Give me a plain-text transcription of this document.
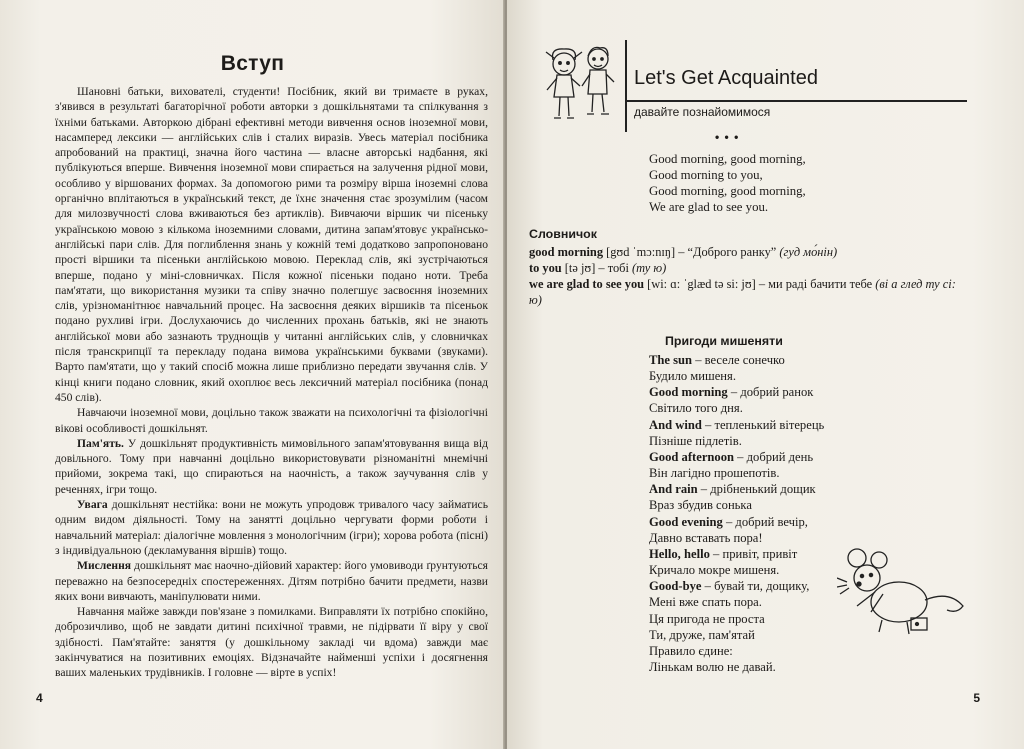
Вступ

Шановні батьки, вихователі, студенти! Посібник, який ви тримаєте в руках, з'явився в результаті багаторічної роботи авторки з дошкільнятами та спілкування з їхніми батьками. Авторкою дібрані ефективні методи вивчення основ іноземної мови, насамперед лексики — англійських слів і сталих виразів. Увесь матеріал посібника апробований на практиці, значна його частина — власне авторські надбання, які публікуються вперше. Вивчення іноземної мови спирається на залучення рідної мови, особливо у віршованих формах. За допомогою рими та розміру вірша іноземні слова органічно вплітаються в український текст, де їхнє значення стає зрозумілим (часом для милозвучності слова вживаються без артиклів). Вивчаючи віршик чи пісеньку українською мовою з кількома іноземними словами, дитина запам'ятовує українсько-англійські пари слів. Для поглиблення знань у кожній темі додатково запропоновано прості віршики та пісеньки англійською мовою. Переклад слів, які зустрічаються вперше, подано у міні-словничках. Після кожної пісеньки подано ноти. Треба пам'ятати, що використання музики та співу значно полегшує засвоєння іноземних слів, урізноманітнює навчальний процес. На засвоєння деяких віршиків та пісеньок подано рухливі ігри. Дослухаючись до численних прохань батьків, які не знають англійської мови або зазнають труднощів у читанні англійських слів, у словничках після транскрипції та перекладу подана вимова українськими буквами (звуками). Варто пам'ятати, що у такий спосіб можна лише приблизно передати звучання слів. У кінці книги подано словник, який охоплює весь лексичний матеріал посібника (понад 450 слів).

Навчаючи іноземної мови, доцільно також зважати на психологічні та фізіологічні вікові особливості дошкільнят.

Пам'ять. У дошкільнят продуктивність мимовільного запам'ятовування вища від довільного. Тому при навчанні доцільно використовувати різноманітні мнемічні прийоми, зокрема такі, що спираються на наочність, а також заучування слів у реченнях, ігри тощо.

Увага дошкільнят нестійка: вони не можуть упродовж тривалого часу займатись одним видом діяльності. Тому на занятті доцільно чергувати форми роботи і навчальний матеріал: діалогічне мовлення з монологічним (ігри); хорова робота (пісні) з індивідуальною (декламування віршів) тощо.

Мислення дошкільнят має наочно-дійовий характер: його умовиводи ґрунтуються переважно на безпосередніх спостереженнях. Дітям потрібно бачити предмети, назви яких вони вивчають, маніпулювати ними.

Навчання майже завжди пов'язане з помилками. Виправляти їх потрібно спокійно, доброзичливо, щоб не завдати дитині психічної травми, не підірвати її віру у свої здібності. Пам'ятайте: заняття (у дошкільному закладі чи вдома) завжди має закінчуватися на позитивних емоціях. Відзначайте найменші успіхи і досягнення ваших маленьких трудівників. І головне — вірте в успіх!

4
Let's Get Acquainted
давайте познайомимося
• • •
Good morning, good morning,
Good morning to you,
Good morning, good morning,
We are glad to see you.
Словничок
good morning [gʊd ˈmɔ:nɪŋ] – “Доброго ранку” (гуд мо́нін)
to you [tə jʊ] – тобі (ту ю)
we are glad to see you [wi: ɑ: ˈglæd tə si: jʊ] – ми раді бачити тебе (ві а глед ту сі: ю)
Пригоди мишеняти
The sun – веселе сонечко
Будило мишеня.
Good morning – добрий ранок
Світило того дня.
And wind – тепленький вітерець
Пізніше підлетів.
Good afternoon – добрий день
Він лагідно прошепотів.
And rain – дрібненький дощик
Враз збудив сонька
Good evening – добрий вечір,
Давно вставать пора!
Hello, hello – привіт, привіт
Кричало мокре мишеня.
Good-bye – бувай ти, дощику,
Мені вже спать пора.
Ця пригода не проста
Ти, друже, пам'ятай
Правило єдине:
Лінькам волю не давай.
5
